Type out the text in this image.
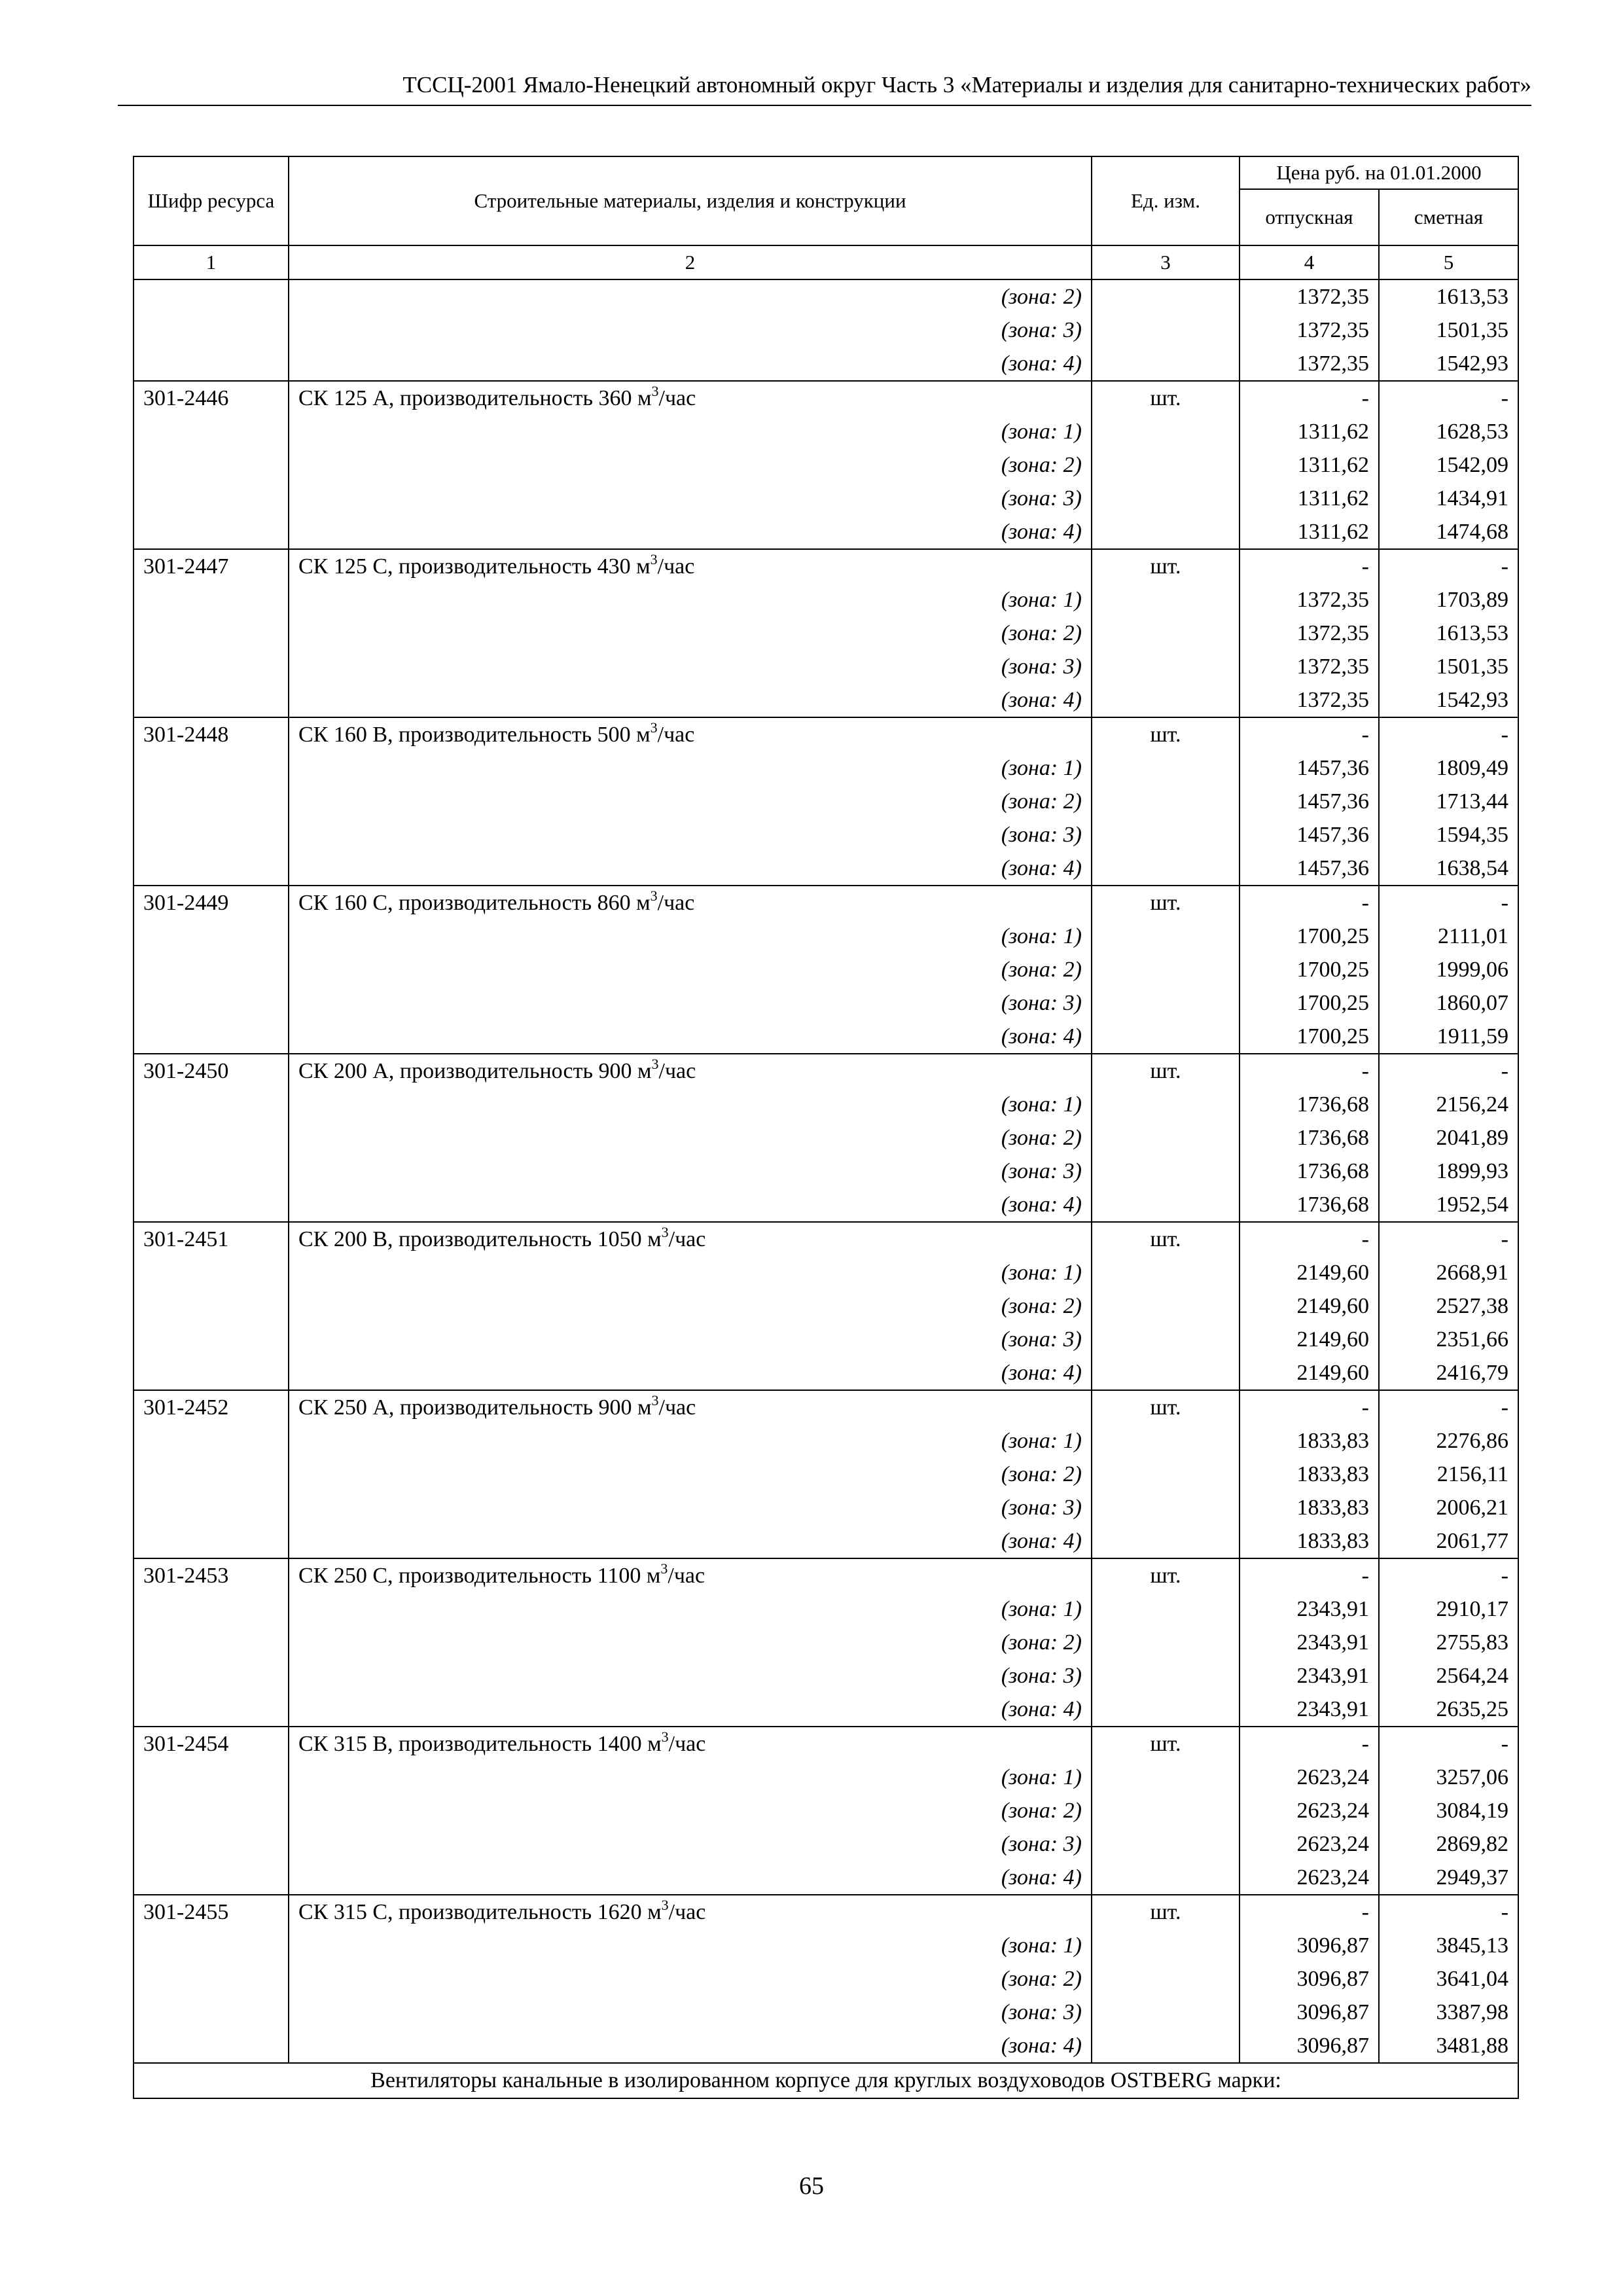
ТССЦ-2001 Ямало-Ненецкий автономный округ Часть 3 «Материалы и изделия для санитарно-технических работ»
Шифр ресурса	Строительные материалы, изделия и конструкции	Ед. изм.	Цена руб. на 01.01.2000	
			отпускная	сметная
1	2	3	4	5
	(зона: 2)		1372,35	1613,53
	(зона: 3)		1372,35	1501,35
	(зона: 4)		1372,35	1542,93
301-2446	СК 125 А, производительность 360 $м^3$/час	шт.	-	-
	(зона: 1)		1311,62	1628,53
	(зона: 2)		1311,62	1542,09
	(зона: 3)		1311,62	1434,91
	(зона: 4)		1311,62	1474,68
301-2447	СК 125 С, производительность 430 $м^3$/час	шт.	-	-
	(зона: 1)		1372,35	1703,89
	(зона: 2)		1372,35	1613,53
	(зона: 3)		1372,35	1501,35
	(зона: 4)		1372,35	1542,93
301-2448	СК 160 В, производительность 500 $м^3$/час	шт.	-	-
	(зона: 1)		1457,36	1809,49
	(зона: 2)		1457,36	1713,44
	(зона: 3)		1457,36	1594,35
	(зона: 4)		1457,36	1638,54
301-2449	СК 160 С, производительность 860 $м^3$/час	шт.	-	-
	(зона: 1)		1700,25	2111,01
	(зона: 2)		1700,25	1999,06
	(зона: 3)		1700,25	1860,07
	(зона: 4)		1700,25	1911,59
301-2450	СК 200 А, производительность 900 $м^3$/час	шт.	-	-
	(зона: 1)		1736,68	2156,24
	(зона: 2)		1736,68	2041,89
	(зона: 3)		1736,68	1899,93
	(зона: 4)		1736,68	1952,54
301-2451	СК 200 В, производительность 1050 $м^3$/час	шт.	-	-
	(зона: 1)		2149,60	2668,91
	(зона: 2)		2149,60	2527,38
	(зона: 3)		2149,60	2351,66
	(зона: 4)		2149,60	2416,79
301-2452	СК 250 А, производительность 900 $м^3$/час	шт.	-	-
	(зона: 1)		1833,83	2276,86
	(зона: 2)		1833,83	2156,11
	(зона: 3)		1833,83	2006,21
	(зона: 4)		1833,83	2061,77
301-2453	СК 250 С, производительность 1100 $м^3$/час	шт.	-	-
	(зона: 1)		2343,91	2910,17
	(зона: 2)		2343,91	2755,83
	(зона: 3)		2343,91	2564,24
	(зона: 4)		2343,91	2635,25
301-2454	СК 315 В, производительность 1400 $м^3$/час	шт.	-	-
	(зона: 1)		2623,24	3257,06
	(зона: 2)		2623,24	3084,19
	(зона: 3)		2623,24	2869,82
	(зона: 4)		2623,24	2949,37
301-2455	СК 315 С, производительность 1620 $м^3$/час	шт.	-	-
	(зона: 1)		3096,87	3845,13
	(зона: 2)		3096,87	3641,04
	(зона: 3)		3096,87	3387,98
	(зона: 4)		3096,87	3481,88
Вентиляторы канальные в изолированном корпусе для круглых воздуховодов OSTBERG марки:				
65
